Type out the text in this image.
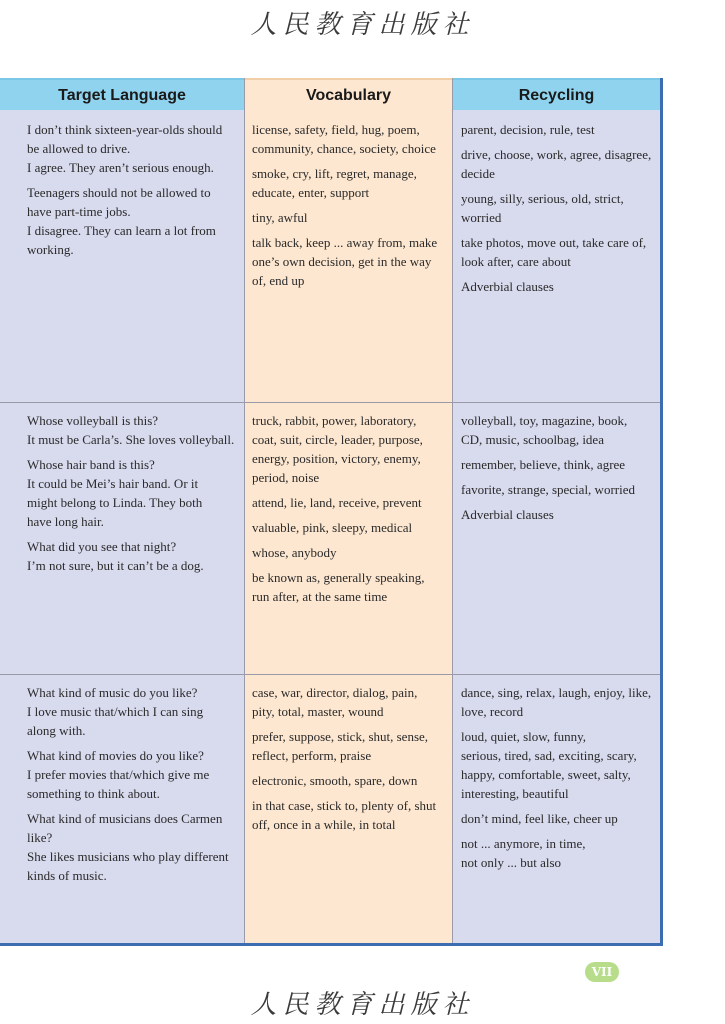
人民教育出版社
Target Language	Vocabulary	Recycling

I don’t think sixteen-year-olds should
be allowed to drive.
I agree. They aren’t serious enough.

Teenagers should not be allowed to
have part-time jobs.
I disagree. They can learn a lot from
working.

license, safety, field, hug, poem,
community, chance, society, choice

smoke, cry, lift, regret, manage,
educate, enter, support

tiny, awful

talk back, keep ... away from, make
one’s own decision, get in the way
of, end up

parent, decision, rule, test

drive, choose, work, agree, disagree,
decide

young, silly, serious, old, strict,
worried

take photos, move out, take care of,
look after, care about

Adverbial clauses

Whose volleyball is this?
It must be Carla’s. She loves volleyball.

Whose hair band is this?
It could be Mei’s hair band. Or it
might belong to Linda. They both
have long hair.

What did you see that night?
I’m not sure, but it can’t be a dog.

truck, rabbit, power, laboratory,
coat, suit, circle, leader, purpose,
energy, position, victory, enemy,
period, noise

attend, lie, land, receive, prevent

valuable, pink, sleepy, medical

whose, anybody

be known as, generally speaking,
run after, at the same time

volleyball, toy, magazine, book,
CD, music, schoolbag, idea

remember, believe, think, agree

favorite, strange, special, worried

Adverbial clauses

What kind of music do you like?
I love music that/which I can sing
along with.

What kind of movies do you like?
I prefer movies that/which give me
something to think about.

What kind of musicians does Carmen
like?
She likes musicians who play different
kinds of music.

case, war, director, dialog, pain,
pity, total, master, wound

prefer, suppose, stick, shut, sense,
reflect, perform, praise

electronic, smooth, spare, down

in that case, stick to, plenty of, shut
off, once in a while, in total

dance, sing, relax, laugh, enjoy, like,
love, record

loud, quiet, slow, funny,
serious, tired, sad, exciting, scary,
happy, comfortable, sweet, salty,
interesting, beautiful

don’t mind, feel like, cheer up

not ... anymore, in time,
not only ... but also

VII
人民教育出版社
